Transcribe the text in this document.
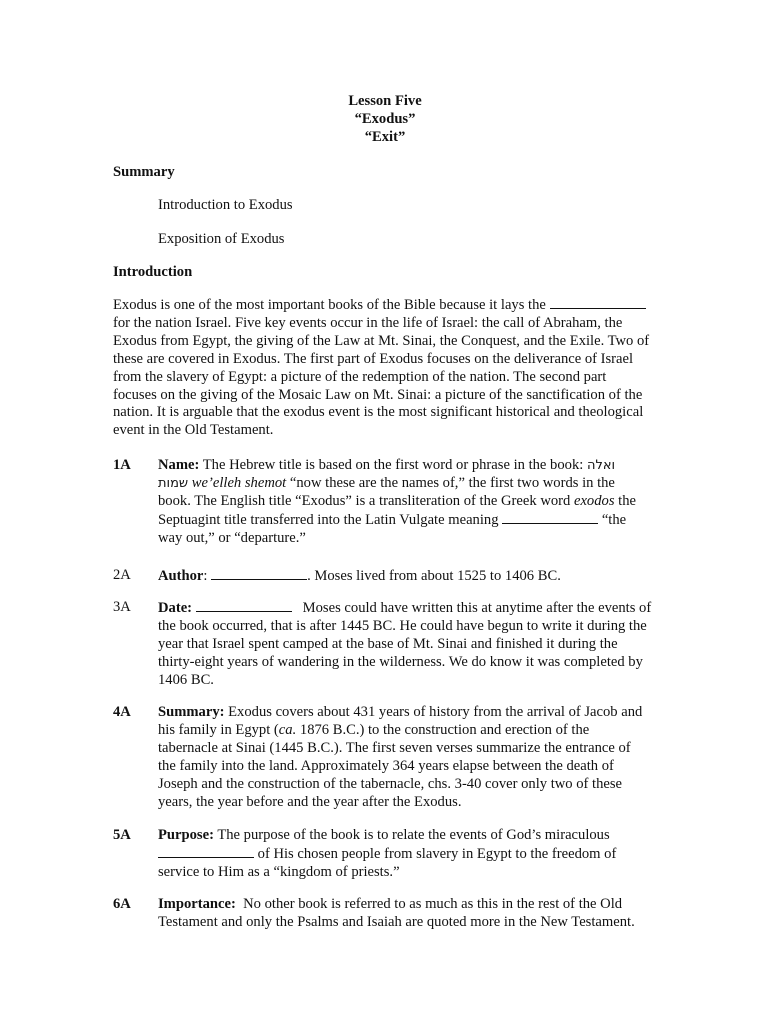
Lesson Five
“Exodus”
“Exit”
Summary
Introduction to Exodus
Exposition of Exodus
Introduction

Exodus is one of the most important books of the Bible because it lays the  for the nation Israel. Five key events occur in the life of Israel: the call of Abraham, the Exodus from Egypt, the giving of the Law at Mt. Sinai, the Conquest, and the Exile. Two of these are covered in Exodus. The first part of Exodus focuses on the deliverance of Israel from the slavery of Egypt: a picture of the redemption of the nation. The second part focuses on the giving of the Mosaic Law on Mt. Sinai: a picture of the sanctification of the nation. It is arguable that the exodus event is the most significant historical and theological event in the Old Testament.

1A Name: The Hebrew title is based on the first word or phrase in the book: ואלה שמות we’elleh shemot “now these are the names of,” the first two words in the book. The English title “Exodus” is a transliteration of the Greek word exodos the Septuagint title transferred into the Latin Vulgate meaning	“the way out,” or “departure.”

2A Author:	. Moses lived from about 1525 to 1406 BC.

3A Date:	Moses could have written this at anytime after the events of the book occurred, that is after 1445 BC. He could have begun to write it during the year that Israel spent camped at the base of Mt. Sinai and finished it during the thirty-eight years of wandering in the wilderness. We do know it was completed by 1406 BC.

4A Summary: Exodus covers about 431 years of history from the arrival of Jacob and his family in Egypt (ca. 1876 B.C.) to the construction and erection of the tabernacle at Sinai (1445 B.C.). The first seven verses summarize the entrance of the family into the land. Approximately 364 years elapse between the death of Joseph and the construction of the tabernacle, chs. 3-40 cover only two of these years, the year before and the year after the Exodus.

5A Purpose: The purpose of the book is to relate the events of God’s miraculous  of His chosen people from slavery in Egypt to the freedom of service to Him as a “kingdom of priests.”

6A Importance: No other book is referred to as much as this in the rest of the Old Testament and only the Psalms and Isaiah are quoted more in the New Testament.
